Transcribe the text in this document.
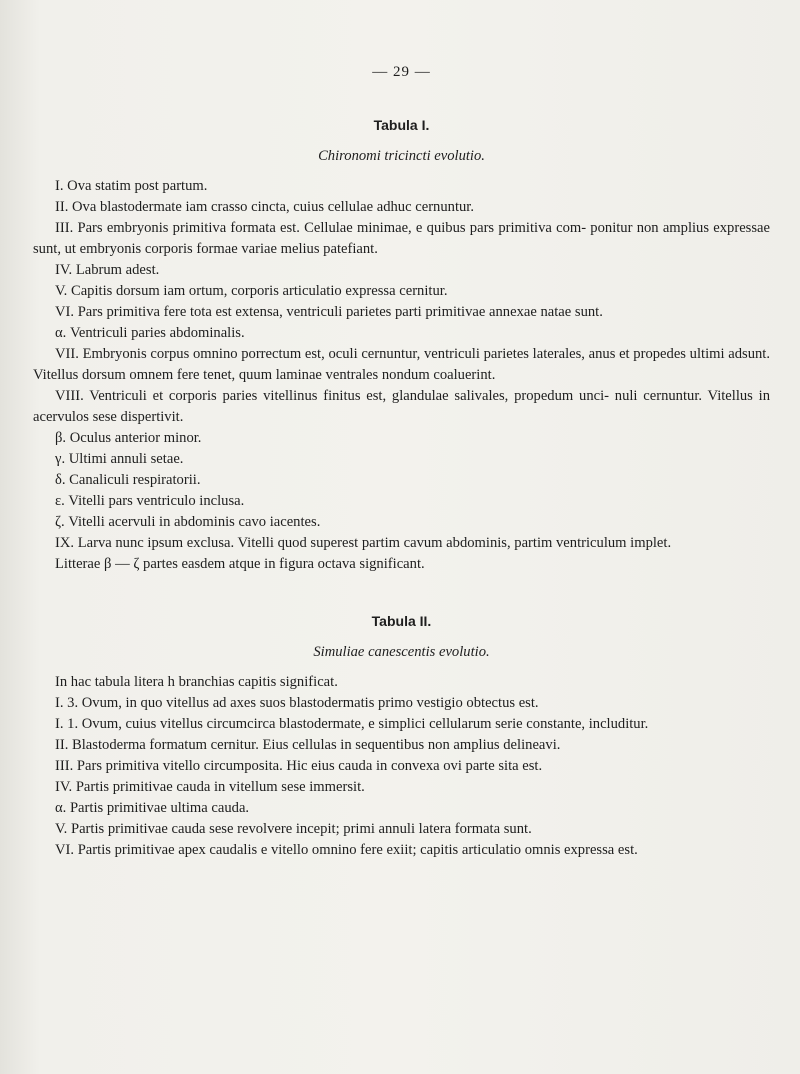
— 29 —
Tabula I.
Chironomi tricincti evolutio.

I. Ova statim post partum.

II. Ova blastodermate iam crasso cincta, cuius cellulae adhuc cernuntur.

III. Pars embryonis primitiva formata est. Cellulae minimae, e quibus pars primitiva com- ponitur non amplius expressae sunt, ut embryonis corporis formae variae melius patefiant.

IV. Labrum adest.

V. Capitis dorsum iam ortum, corporis articulatio expressa cernitur.

VI. Pars primitiva fere tota est extensa, ventriculi parietes parti primitivae annexae natae sunt.

α. Ventriculi paries abdominalis.

VII. Embryonis corpus omnino porrectum est, oculi cernuntur, ventriculi parietes laterales, anus et propedes ultimi adsunt. Vitellus dorsum omnem fere tenet, quum laminae ventrales nondum coaluerint.

VIII. Ventriculi et corporis paries vitellinus finitus est, glandulae salivales, propedum unci- nuli cernuntur. Vitellus in acervulos sese dispertivit.

β. Oculus anterior minor.

γ. Ultimi annuli setae.

δ. Canaliculi respiratorii.

ε. Vitelli pars ventriculo inclusa.

ζ. Vitelli acervuli in abdominis cavo iacentes.

IX. Larva nunc ipsum exclusa. Vitelli quod superest partim cavum abdominis, partim ventriculum implet.

Litterae β — ζ partes easdem atque in figura octava significant.

Tabula II.
Simuliae canescentis evolutio.

In hac tabula litera h branchias capitis significat.

I. 3. Ovum, in quo vitellus ad axes suos blastodermatis primo vestigio obtectus est.

I. 1. Ovum, cuius vitellus circumcirca blastodermate, e simplici cellularum serie constante, includitur.

II. Blastoderma formatum cernitur. Eius cellulas in sequentibus non amplius delineavi.

III. Pars primitiva vitello circumposita. Hic eius cauda in convexa ovi parte sita est.

IV. Partis primitivae cauda in vitellum sese immersit.

α. Partis primitivae ultima cauda.

V. Partis primitivae cauda sese revolvere incepit; primi annuli latera formata sunt.

VI. Partis primitivae apex caudalis e vitello omnino fere exiit; capitis articulatio omnis expressa est.
